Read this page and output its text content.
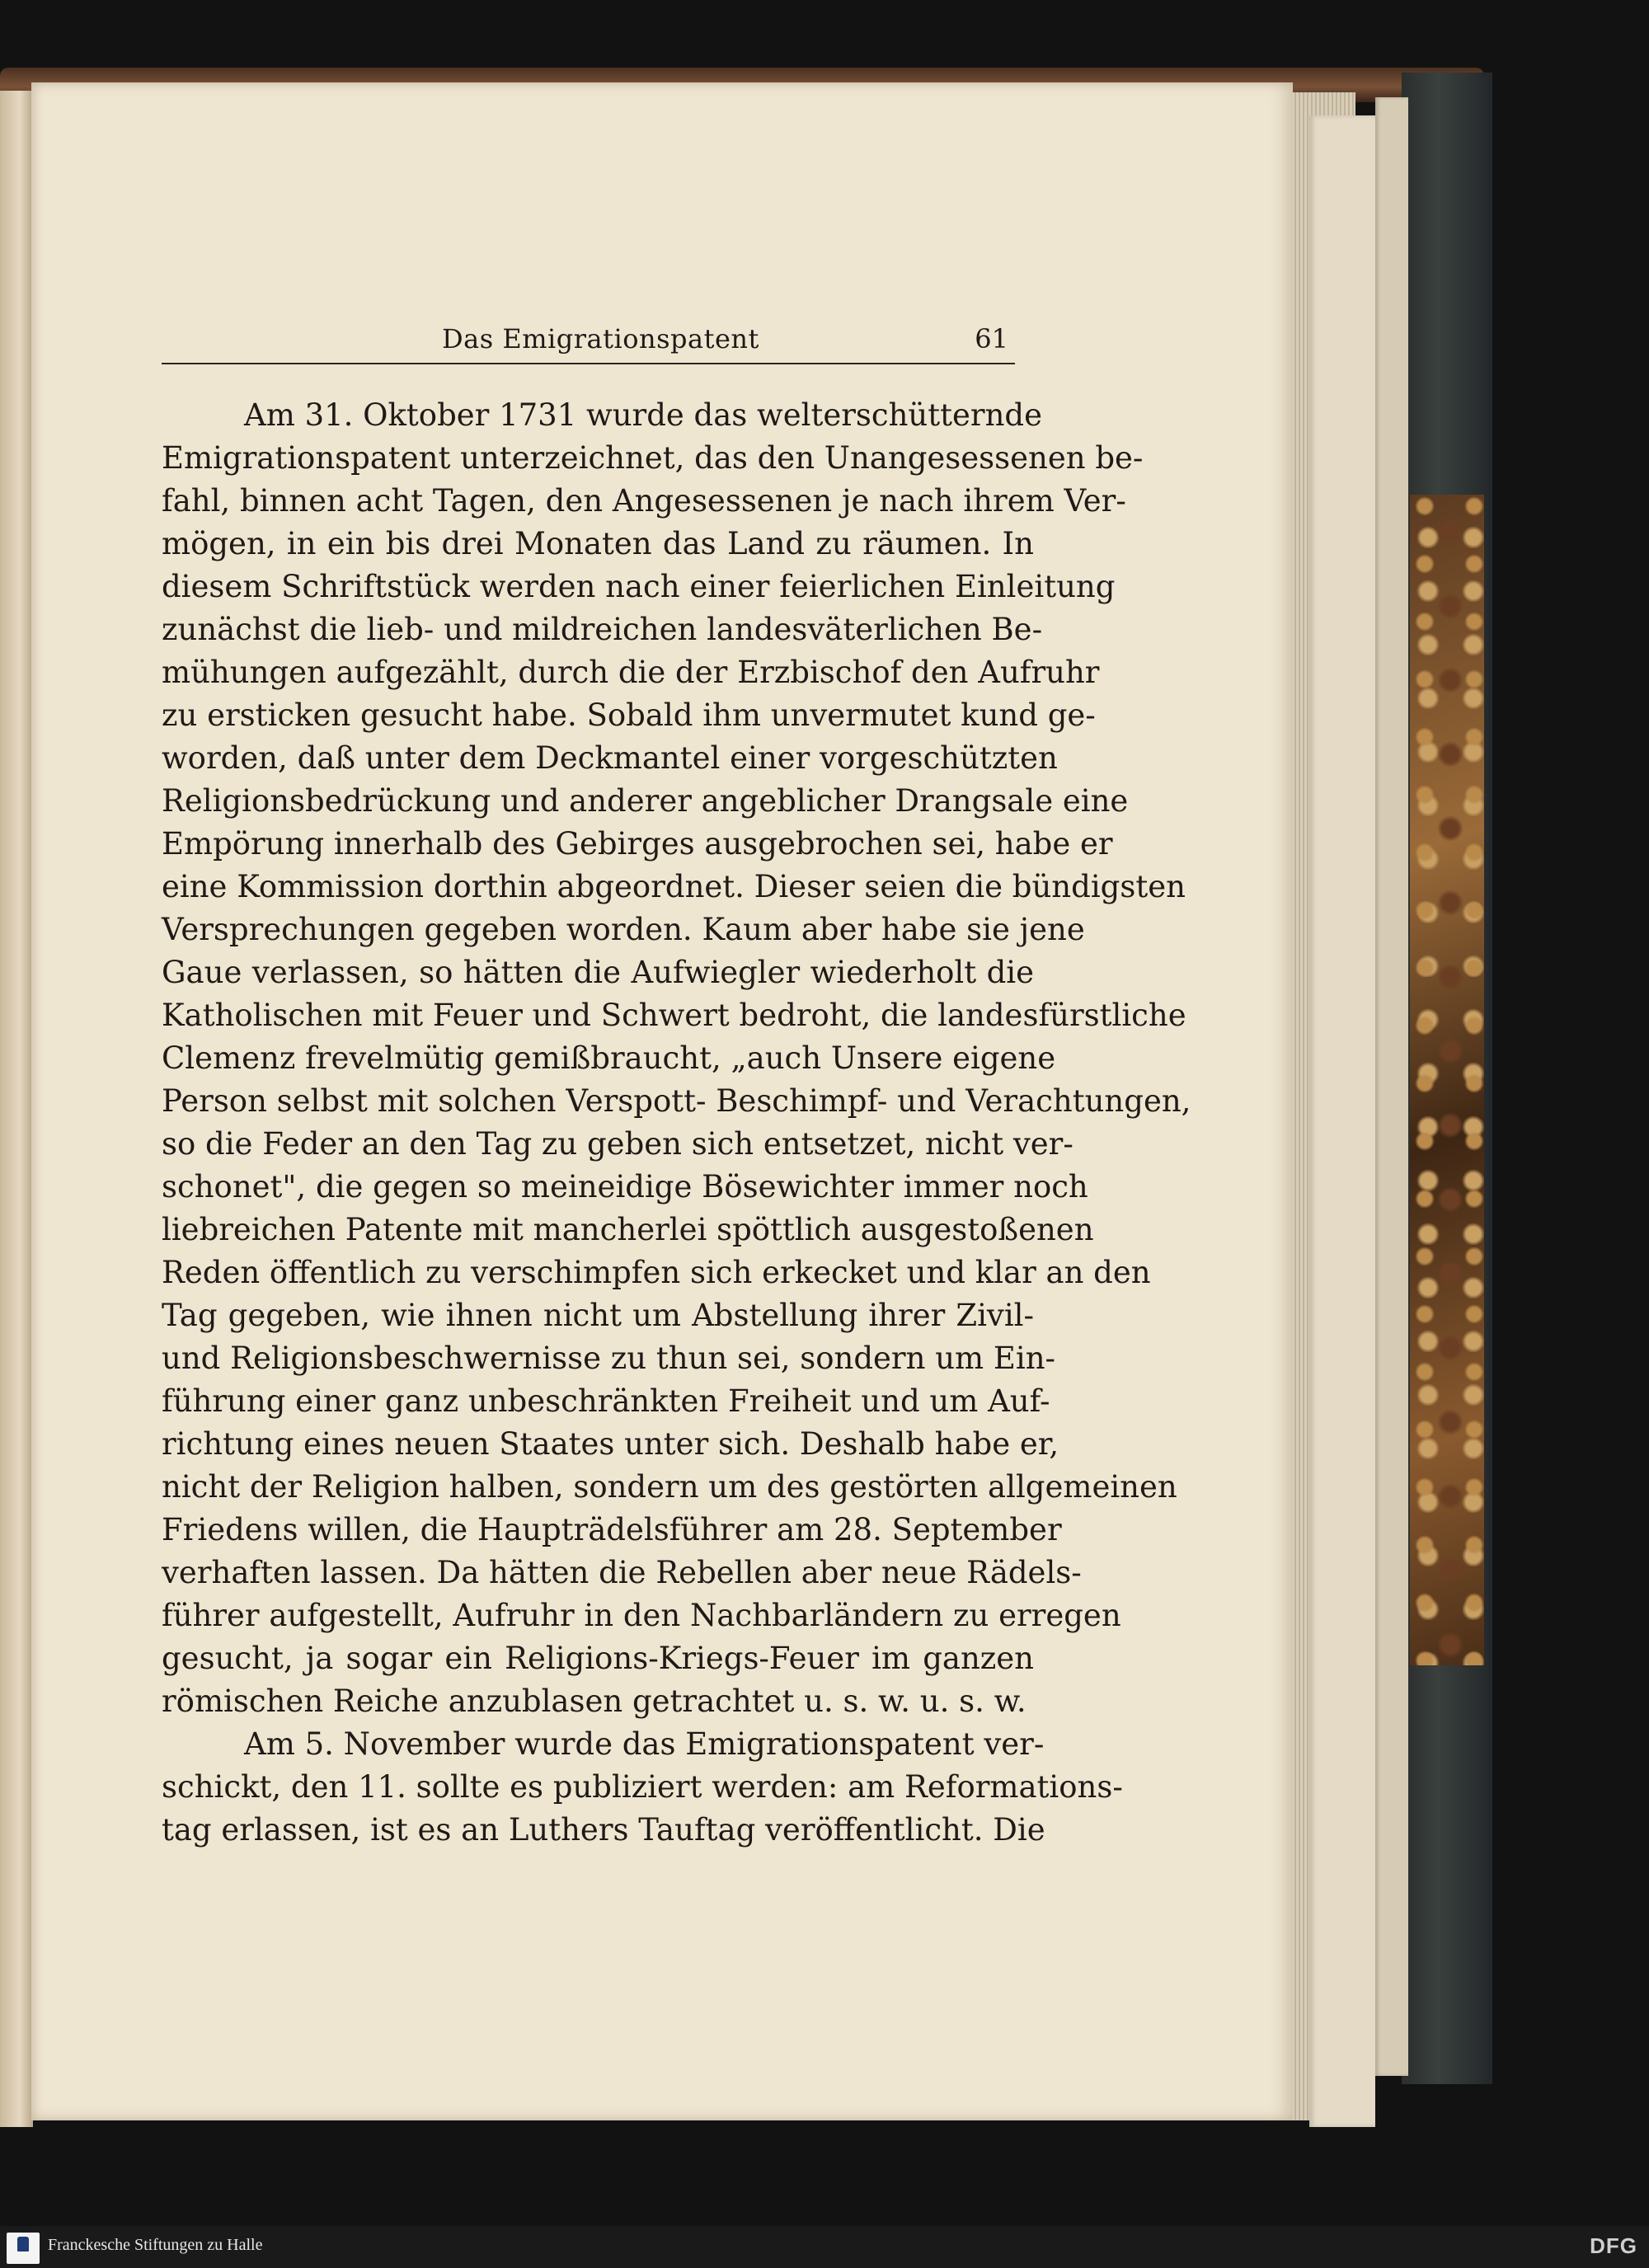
Das Emigrationspatent	61
Am 31. Oktober 1731 wurde das welterschütternde
Emigrationspatent unterzeichnet, das den Unangesessenen be-
fahl, binnen acht Tagen, den Angesessenen je nach ihrem Ver-
mögen, in ein bis drei Monaten das Land zu räumen. In
diesem Schriftstück werden nach einer feierlichen Einleitung
zunächst die lieb- und mildreichen landesväterlichen Be-
mühungen aufgezählt, durch die der Erzbischof den Aufruhr
zu ersticken gesucht habe. Sobald ihm unvermutet kund ge-
worden, daß unter dem Deckmantel einer vorgeschützten
Religionsbedrückung und anderer angeblicher Drangsale eine
Empörung innerhalb des Gebirges ausgebrochen sei, habe er
eine Kommission dorthin abgeordnet. Dieser seien die bündigsten
Versprechungen gegeben worden. Kaum aber habe sie jene
Gaue verlassen, so hätten die Aufwiegler wiederholt die
Katholischen mit Feuer und Schwert bedroht, die landesfürstliche
Clemenz frevelmütig gemißbraucht, „auch Unsere eigene
Person selbst mit solchen Verspott- Beschimpf- und Verachtungen,
so die Feder an den Tag zu geben sich entsetzet, nicht ver-
schonet", die gegen so meineidige Bösewichter immer noch
liebreichen Patente mit mancherlei spöttlich ausgestoßenen
Reden öffentlich zu verschimpfen sich erkecket und klar an den
Tag gegeben, wie ihnen nicht um Abstellung ihrer Zivil-
und Religionsbeschwernisse zu thun sei, sondern um Ein-
führung einer ganz unbeschränkten Freiheit und um Auf-
richtung eines neuen Staates unter sich. Deshalb habe er,
nicht der Religion halben, sondern um des gestörten allgemeinen
Friedens willen, die Haupträdelsführer am 28. September
verhaften lassen. Da hätten die Rebellen aber neue Rädels-
führer aufgestellt, Aufruhr in den Nachbarländern zu erregen
gesucht, ja sogar ein Religions-Kriegs-Feuer im ganzen
römischen Reiche anzublasen getrachtet u. s. w. u. s. w.
Am 5. November wurde das Emigrationspatent ver-
schickt, den 11. sollte es publiziert werden: am Reformations-
tag erlassen, ist es an Luthers Tauftag veröffentlicht. Die
Franckesche Stiftungen zu Halle	DFG
